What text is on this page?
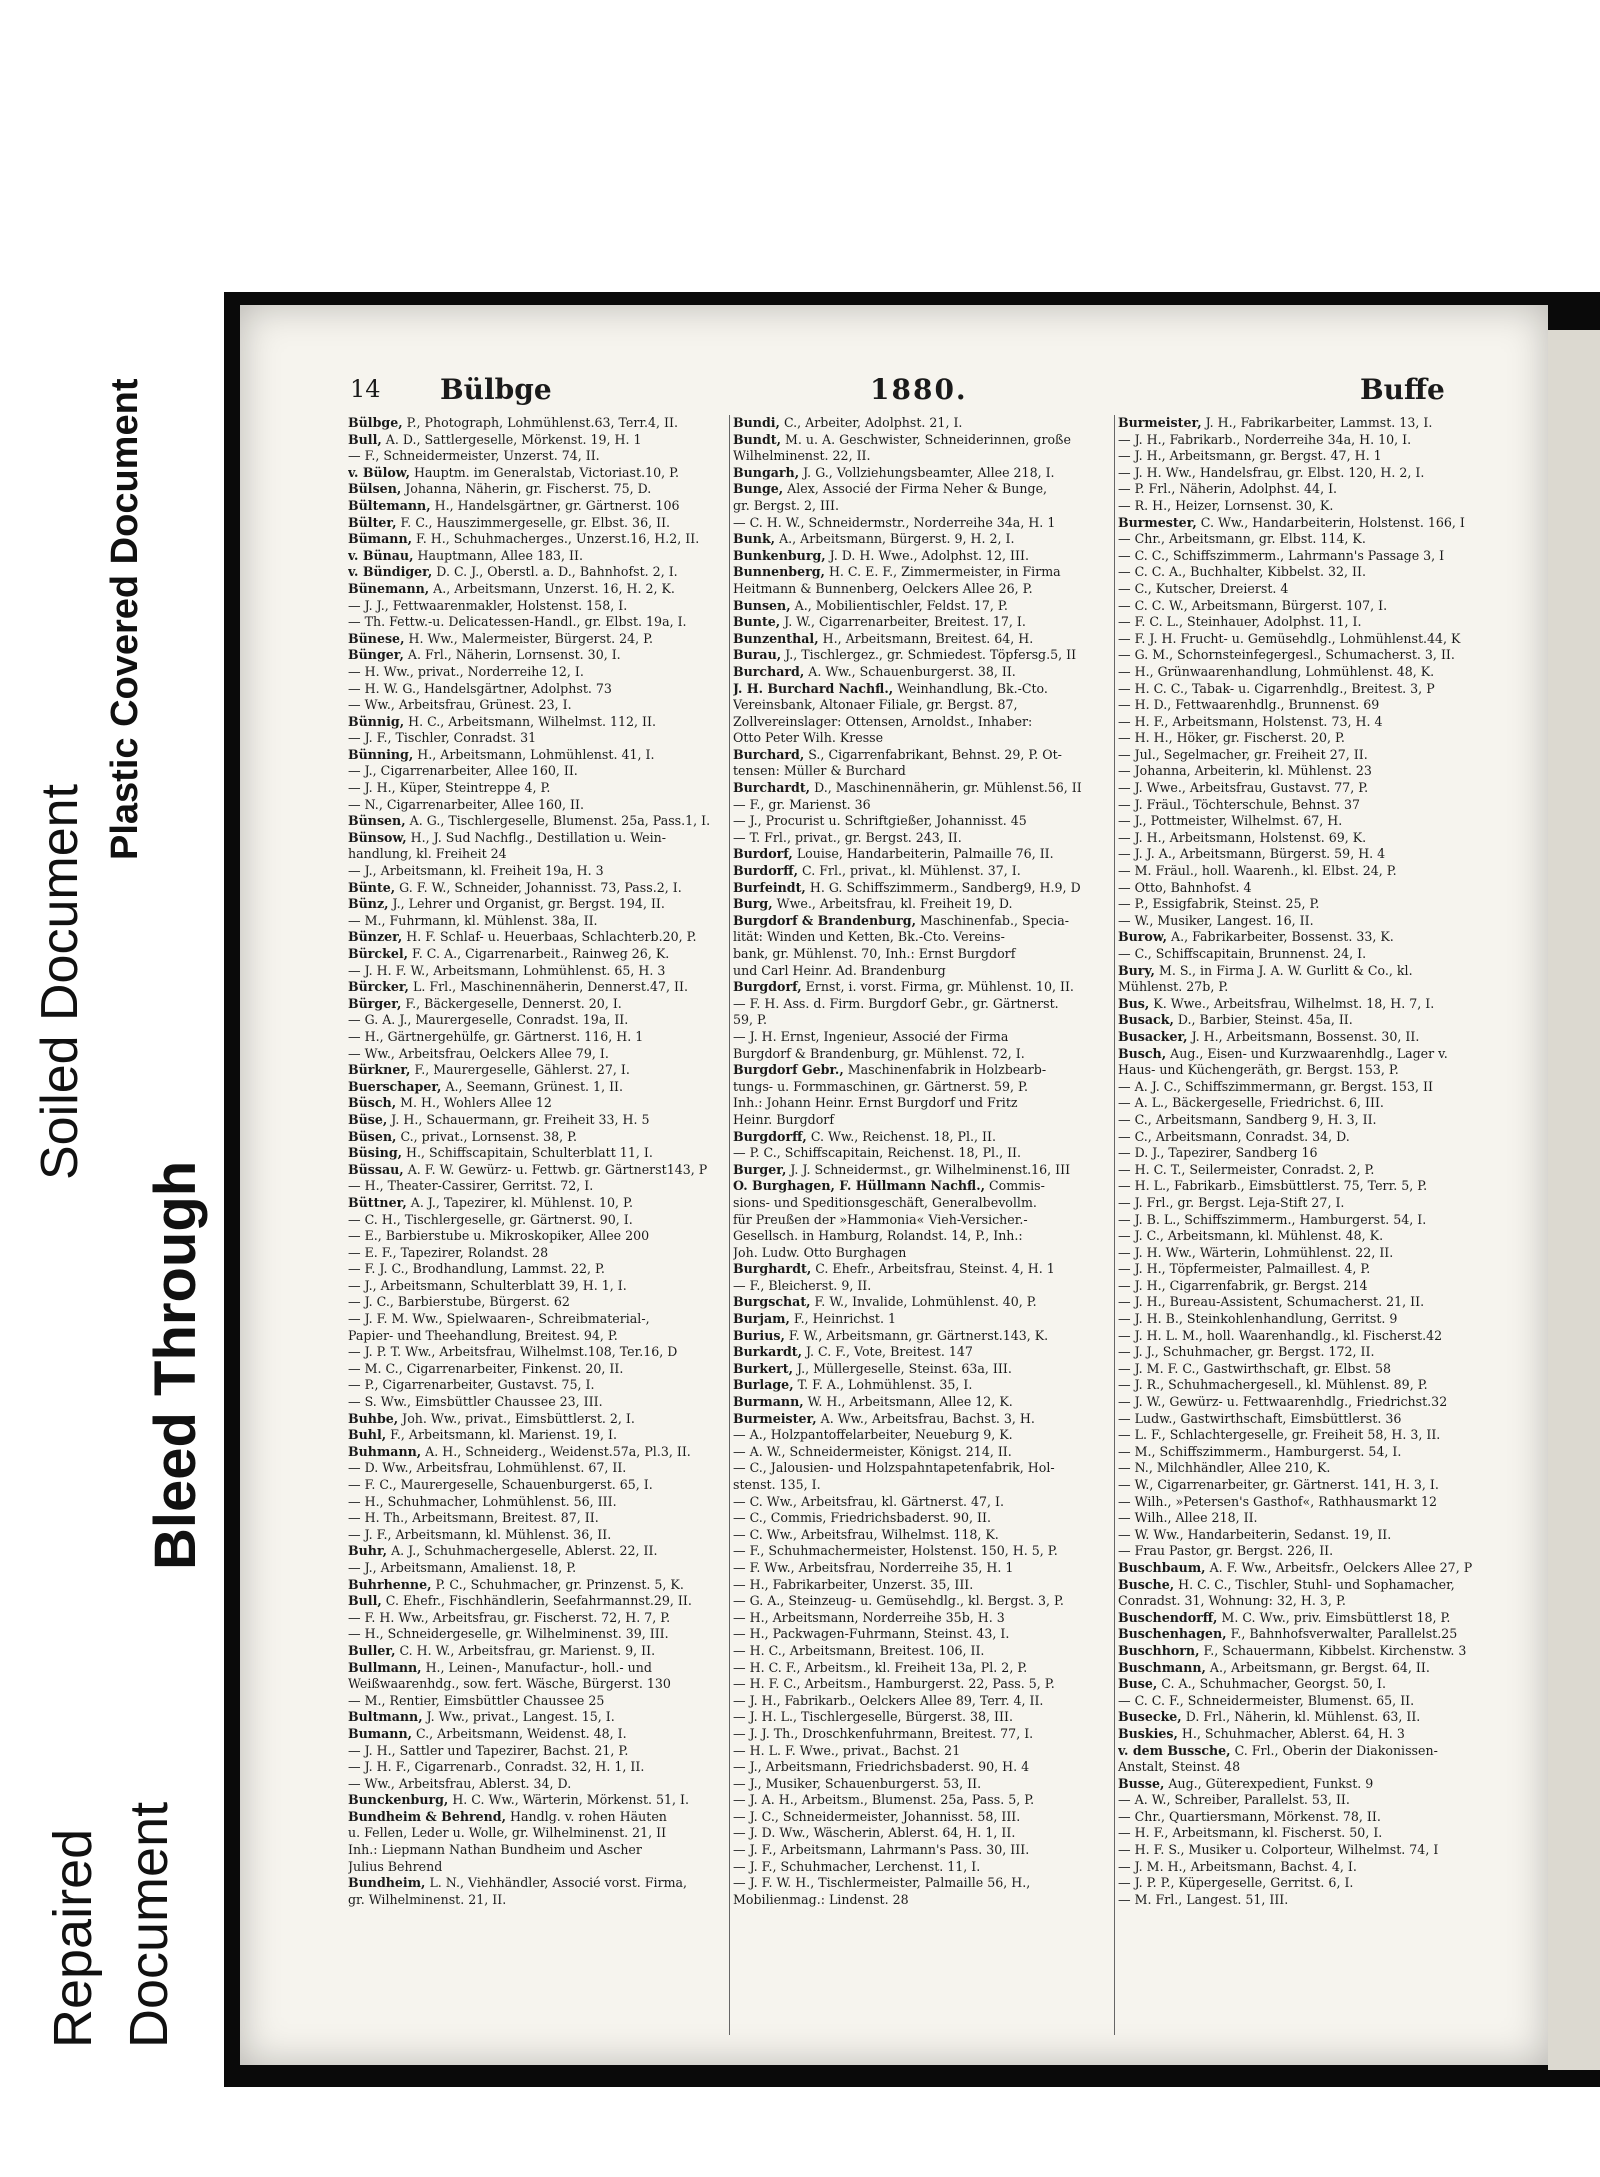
Soiled Document
Plastic Covered Document
Bleed Through
Repaired Document
14 Bülbge	1880.	Buffe
Bülbge, P., Photograph, Lohmühlenst.63, Terr.4, II.
Bull, A. D., Sattlergeselle, Mörkenst. 19, H. 1
— F., Schneidermeister, Unzerst. 74, II.
v. Bülow, Hauptm. im Generalstab, Victoriast.10, P.
Bülsen, Johanna, Näherin, gr. Fischerst. 75, D.
Bültemann, H., Handelsgärtner, gr. Gärtnerst. 106
Bülter, F. C., Hauszimmergeselle, gr. Elbst. 36, II.
Bümann, F. H., Schuhmacherges., Unzerst.16, H.2, II.
v. Bünau, Hauptmann, Allee 183, II.
v. Bündiger, D. C. J., Oberstl. a. D., Bahnhofst. 2, I.
Bünemann, A., Arbeitsmann, Unzerst. 16, H. 2, K.
— J. J., Fettwaarenmakler, Holstenst. 158, I.
— Th. Fettw.-u. Delicatessen-Handl., gr. Elbst. 19a, I.
Bünese, H. Ww., Malermeister, Bürgerst. 24, P.
Bünger, A. Frl., Näherin, Lornsenst. 30, I.
— H. Ww., privat., Norderreihe 12, I.
— H. W. G., Handelsgärtner, Adolphst. 73
— Ww., Arbeitsfrau, Grünest. 23, I.
Bünnig, H. C., Arbeitsmann, Wilhelmst. 112, II.
— J. F., Tischler, Conradst. 31
Bünning, H., Arbeitsmann, Lohmühlenst. 41, I.
— J., Cigarrenarbeiter, Allee 160, II.
— J. H., Küper, Steintreppe 4, P.
— N., Cigarrenarbeiter, Allee 160, II.
Bünsen, A. G., Tischlergeselle, Blumenst. 25a, Pass.1, I.
Bünsow, H., J. Sud Nachflg., Destillation u. Wein-
handlung, kl. Freiheit 24
— J., Arbeitsmann, kl. Freiheit 19a, H. 3
Bünte, G. F. W., Schneider, Johannisst. 73, Pass.2, I.
Bünz, J., Lehrer und Organist, gr. Bergst. 194, II.
— M., Fuhrmann, kl. Mühlenst. 38a, II.
Bünzer, H. F. Schlaf- u. Heuerbaas, Schlachterb.20, P.
Bürckel, F. C. A., Cigarrenarbeit., Rainweg 26, K.
— J. H. F. W., Arbeitsmann, Lohmühlenst. 65, H. 3
Bürcker, L. Frl., Maschinennäherin, Dennerst.47, II.
Bürger, F., Bäckergeselle, Dennerst. 20, I.
— G. A. J., Maurergeselle, Conradst. 19a, II.
— H., Gärtnergehülfe, gr. Gärtnerst. 116, H. 1
— Ww., Arbeitsfrau, Oelckers Allee 79, I.
Bürkner, F., Maurergeselle, Gählerst. 27, I.
Buerschaper, A., Seemann, Grünest. 1, II.
Büsch, M. H., Wohlers Allee 12
Büse, J. H., Schauermann, gr. Freiheit 33, H. 5
Büsen, C., privat., Lornsenst. 38, P.
Büsing, H., Schiffscapitain, Schulterblatt 11, I.
Büssau, A. F. W. Gewürz- u. Fettwb. gr. Gärtnerst143, P
— H., Theater-Cassirer, Gerritst. 72, I.
Büttner, A. J., Tapezirer, kl. Mühlenst. 10, P.
— C. H., Tischlergeselle, gr. Gärtnerst. 90, I.
— E., Barbierstube u. Mikroskopiker, Allee 200
— E. F., Tapezirer, Rolandst. 28
— F. J. C., Brodhandlung, Lammst. 22, P.
— J., Arbeitsmann, Schulterblatt 39, H. 1, I.
— J. C., Barbierstube, Bürgerst. 62
— J. F. M. Ww., Spielwaaren-, Schreibmaterial-,
Papier- und Theehandlung, Breitest. 94, P.
— J. P. T. Ww., Arbeitsfrau, Wilhelmst.108, Ter.16, D
— M. C., Cigarrenarbeiter, Finkenst. 20, II.
— P., Cigarrenarbeiter, Gustavst. 75, I.
— S. Ww., Eimsbüttler Chaussee 23, III.
Buhbe, Joh. Ww., privat., Eimsbüttlerst. 2, I.
Buhl, F., Arbeitsmann, kl. Marienst. 19, I.
Buhmann, A. H., Schneiderg., Weidenst.57a, Pl.3, II.
— D. Ww., Arbeitsfrau, Lohmühlenst. 67, II.
— F. C., Maurergeselle, Schauenburgerst. 65, I.
— H., Schuhmacher, Lohmühlenst. 56, III.
— H. Th., Arbeitsmann, Breitest. 87, II.
— J. F., Arbeitsmann, kl. Mühlenst. 36, II.
Buhr, A. J., Schuhmachergeselle, Ablerst. 22, II.
— J., Arbeitsmann, Amalienst. 18, P.
Buhrhenne, P. C., Schuhmacher, gr. Prinzenst. 5, K.
Bull, C. Ehefr., Fischhändlerin, Seefahrmannst.29, II.
— F. H. Ww., Arbeitsfrau, gr. Fischerst. 72, H. 7, P.
— H., Schneidergeselle, gr. Wilhelminenst. 39, III.
Buller, C. H. W., Arbeitsfrau, gr. Marienst. 9, II.
Bullmann, H., Leinen-, Manufactur-, holl.- und
Weißwaarenhdg., sow. fert. Wäsche, Bürgerst. 130
— M., Rentier, Eimsbüttler Chaussee 25
Bultmann, J. Ww., privat., Langest. 15, I.
Bumann, C., Arbeitsmann, Weidenst. 48, I.
— J. H., Sattler und Tapezirer, Bachst. 21, P.
— J. H. F., Cigarrenarb., Conradst. 32, H. 1, II.
— Ww., Arbeitsfrau, Ablerst. 34, D.
Bunckenburg, H. C. Ww., Wärterin, Mörkenst. 51, I.
Bundheim & Behrend, Handlg. v. rohen Häuten
u. Fellen, Leder u. Wolle, gr. Wilhelminenst. 21, II
Inh.: Liepmann Nathan Bundheim und Ascher
Julius Behrend
Bundheim, L. N., Viehhändler, Associé vorst. Firma,
gr. Wilhelminenst. 21, II.
Bundi, C., Arbeiter, Adolphst. 21, I.
Bundt, M. u. A. Geschwister, Schneiderinnen, große
Wilhelminenst. 22, II.
Bungarh, J. G., Vollziehungsbeamter, Allee 218, I.
Bunge, Alex, Associé der Firma Neher & Bunge,
gr. Bergst. 2, III.
— C. H. W., Schneidermstr., Norderreihe 34a, H. 1
Bunk, A., Arbeitsmann, Bürgerst. 9, H. 2, I.
Bunkenburg, J. D. H. Wwe., Adolphst. 12, III.
Bunnenberg, H. C. E. F., Zimmermeister, in Firma
Heitmann & Bunnenberg, Oelckers Allee 26, P.
Bunsen, A., Mobilientischler, Feldst. 17, P.
Bunte, J. W., Cigarrenarbeiter, Breitest. 17, I.
Bunzenthal, H., Arbeitsmann, Breitest. 64, H.
Burau, J., Tischlergez., gr. Schmiedest. Töpfersg.5, II
Burchard, A. Ww., Schauenburgerst. 38, II.
J. H. Burchard Nachfl., Weinhandlung, Bk.-Cto.
Vereinsbank, Altonaer Filiale, gr. Bergst. 87,
Zollvereinslager: Ottensen, Arnoldst., Inhaber:
Otto Peter Wilh. Kresse
Burchard, S., Cigarrenfabrikant, Behnst. 29, P. Ot-
tensen: Müller & Burchard
Burchardt, D., Maschinennäherin, gr. Mühlenst.56, II
— F., gr. Marienst. 36
— J., Procurist u. Schriftgießer, Johannisst. 45
— T. Frl., privat., gr. Bergst. 243, II.
Burdorf, Louise, Handarbeiterin, Palmaille 76, II.
Burdorff, C. Frl., privat., kl. Mühlenst. 37, I.
Burfeindt, H. G. Schiffszimmerm., Sandberg9, H.9, D
Burg, Wwe., Arbeitsfrau, kl. Freiheit 19, D.
Burgdorf & Brandenburg, Maschinenfab., Specia-
lität: Winden und Ketten, Bk.-Cto. Vereins-
bank, gr. Mühlenst. 70, Inh.: Ernst Burgdorf
und Carl Heinr. Ad. Brandenburg
Burgdorf, Ernst, i. vorst. Firma, gr. Mühlenst. 10, II.
— F. H. Ass. d. Firm. Burgdorf Gebr., gr. Gärtnerst.
59, P.
— J. H. Ernst, Ingenieur, Associé der Firma
Burgdorf & Brandenburg, gr. Mühlenst. 72, I.
Burgdorf Gebr., Maschinenfabrik in Holzbearb-
tungs- u. Formmaschinen, gr. Gärtnerst. 59, P.
Inh.: Johann Heinr. Ernst Burgdorf und Fritz
Heinr. Burgdorf
Burgdorff, C. Ww., Reichenst. 18, Pl., II.
— P. C., Schiffscapitain, Reichenst. 18, Pl., II.
Burger, J. J. Schneidermst., gr. Wilhelminenst.16, III
O. Burghagen, F. Hüllmann Nachfl., Commis-
sions- und Speditionsgeschäft, Generalbevollm.
für Preußen der »Hammonia« Vieh-Versicher.-
Gesellsch. in Hamburg, Rolandst. 14, P., Inh.:
Joh. Ludw. Otto Burghagen
Burghardt, C. Ehefr., Arbeitsfrau, Steinst. 4, H. 1
— F., Bleicherst. 9, II.
Burgschat, F. W., Invalide, Lohmühlenst. 40, P.
Burjam, F., Heinrichst. 1
Burius, F. W., Arbeitsmann, gr. Gärtnerst.143, K.
Burkardt, J. C. F., Vote, Breitest. 147
Burkert, J., Müllergeselle, Steinst. 63a, III.
Burlage, T. F. A., Lohmühlenst. 35, I.
Burmann, W. H., Arbeitsmann, Allee 12, K.
Burmeister, A. Ww., Arbeitsfrau, Bachst. 3, H.
— A., Holzpantoffelarbeiter, Neueburg 9, K.
— A. W., Schneidermeister, Königst. 214, II.
— C., Jalousien- und Holzspahntapetenfabrik, Hol-
stenst. 135, I.
— C. Ww., Arbeitsfrau, kl. Gärtnerst. 47, I.
— C., Commis, Friedrichsbaderst. 90, II.
— C. Ww., Arbeitsfrau, Wilhelmst. 118, K.
— F., Schuhmachermeister, Holstenst. 150, H. 5, P.
— F. Ww., Arbeitsfrau, Norderreihe 35, H. 1
— H., Fabrikarbeiter, Unzerst. 35, III.
— G. A., Steinzeug- u. Gemüsehdlg., kl. Bergst. 3, P.
— H., Arbeitsmann, Norderreihe 35b, H. 3
— H., Packwagen-Fuhrmann, Steinst. 43, I.
— H. C., Arbeitsmann, Breitest. 106, II.
— H. C. F., Arbeitsm., kl. Freiheit 13a, Pl. 2, P.
— H. F. C., Arbeitsm., Hamburgerst. 22, Pass. 5, P.
— J. H., Fabrikarb., Oelckers Allee 89, Terr. 4, II.
— J. H. L., Tischlergeselle, Bürgerst. 38, III.
— J. J. Th., Droschkenfuhrmann, Breitest. 77, I.
— H. L. F. Wwe., privat., Bachst. 21
— J., Arbeitsmann, Friedrichsbaderst. 90, H. 4
— J., Musiker, Schauenburgerst. 53, II.
— J. A. H., Arbeitsm., Blumenst. 25a, Pass. 5, P.
— J. C., Schneidermeister, Johannisst. 58, III.
— J. D. Ww., Wäscherin, Ablerst. 64, H. 1, II.
— J. F., Arbeitsmann, Lahrmann's Pass. 30, III.
— J. F., Schuhmacher, Lerchenst. 11, I.
— J. F. W. H., Tischlermeister, Palmaille 56, H.,
Mobilienmag.: Lindenst. 28
Burmeister, J. H., Fabrikarbeiter, Lammst. 13, I.
— J. H., Fabrikarb., Norderreihe 34a, H. 10, I.
— J. H., Arbeitsmann, gr. Bergst. 47, H. 1
— J. H. Ww., Handelsfrau, gr. Elbst. 120, H. 2, I.
— P. Frl., Näherin, Adolphst. 44, I.
— R. H., Heizer, Lornsenst. 30, K.
Burmester, C. Ww., Handarbeiterin, Holstenst. 166, I
— Chr., Arbeitsmann, gr. Elbst. 114, K.
— C. C., Schiffszimmerm., Lahrmann's Passage 3, I
— C. C. A., Buchhalter, Kibbelst. 32, II.
— C., Kutscher, Dreierst. 4
— C. C. W., Arbeitsmann, Bürgerst. 107, I.
— F. C. L., Steinhauer, Adolphst. 11, I.
— F. J. H. Frucht- u. Gemüsehdlg., Lohmühlenst.44, K
— G. M., Schornsteinfegergesl., Schumacherst. 3, II.
— H., Grünwaarenhandlung, Lohmühlenst. 48, K.
— H. C. C., Tabak- u. Cigarrenhdlg., Breitest. 3, P
— H. D., Fettwaarenhdlg., Brunnenst. 69
— H. F., Arbeitsmann, Holstenst. 73, H. 4
— H. H., Höker, gr. Fischerst. 20, P.
— Jul., Segelmacher, gr. Freiheit 27, II.
— Johanna, Arbeiterin, kl. Mühlenst. 23
— J. Wwe., Arbeitsfrau, Gustavst. 77, P.
— J. Fräul., Töchterschule, Behnst. 37
— J., Pottmeister, Wilhelmst. 67, H.
— J. H., Arbeitsmann, Holstenst. 69, K.
— J. J. A., Arbeitsmann, Bürgerst. 59, H. 4
— M. Fräul., holl. Waarenh., kl. Elbst. 24, P.
— Otto, Bahnhofst. 4
— P., Essigfabrik, Steinst. 25, P.
— W., Musiker, Langest. 16, II.
Burow, A., Fabrikarbeiter, Bossenst. 33, K.
— C., Schiffscapitain, Brunnenst. 24, I.
Bury, M. S., in Firma J. A. W. Gurlitt & Co., kl.
Mühlenst. 27b, P.
Bus, K. Wwe., Arbeitsfrau, Wilhelmst. 18, H. 7, I.
Busack, D., Barbier, Steinst. 45a, II.
Busacker, J. H., Arbeitsmann, Bossenst. 30, II.
Busch, Aug., Eisen- und Kurzwaarenhdlg., Lager v.
Haus- und Küchengeräth, gr. Bergst. 153, P.
— A. J. C., Schiffszimmermann, gr. Bergst. 153, II
— A. L., Bäckergeselle, Friedrichst. 6, III.
— C., Arbeitsmann, Sandberg 9, H. 3, II.
— C., Arbeitsmann, Conradst. 34, D.
— D. J., Tapezirer, Sandberg 16
— H. C. T., Seilermeister, Conradst. 2, P.
— H. L., Fabrikarb., Eimsbüttlerst. 75, Terr. 5, P.
— J. Frl., gr. Bergst. Leja-Stift 27, I.
— J. B. L., Schiffszimmerm., Hamburgerst. 54, I.
— J. C., Arbeitsmann, kl. Mühlenst. 48, K.
— J. H. Ww., Wärterin, Lohmühlenst. 22, II.
— J. H., Töpfermeister, Palmaillest. 4, P.
— J. H., Cigarrenfabrik, gr. Bergst. 214
— J. H., Bureau-Assistent, Schumacherst. 21, II.
— J. H. B., Steinkohlenhandlung, Gerritst. 9
— J. H. L. M., holl. Waarenhandlg., kl. Fischerst.42
— J. J., Schuhmacher, gr. Bergst. 172, II.
— J. M. F. C., Gastwirthschaft, gr. Elbst. 58
— J. R., Schuhmachergesell., kl. Mühlenst. 89, P.
— J. W., Gewürz- u. Fettwaarenhdlg., Friedrichst.32
— Ludw., Gastwirthschaft, Eimsbüttlerst. 36
— L. F., Schlachtergeselle, gr. Freiheit 58, H. 3, II.
— M., Schiffszimmerm., Hamburgerst. 54, I.
— N., Milchhändler, Allee 210, K.
— W., Cigarrenarbeiter, gr. Gärtnerst. 141, H. 3, I.
— Wilh., »Petersen's Gasthof«, Rathhausmarkt 12
— Wilh., Allee 218, II.
— W. Ww., Handarbeiterin, Sedanst. 19, II.
— Frau Pastor, gr. Bergst. 226, II.
Buschbaum, A. F. Ww., Arbeitsfr., Oelckers Allee 27, P
Busche, H. C. C., Tischler, Stuhl- und Sophamacher,
Conradst. 31, Wohnung: 32, H. 3, P.
Buschendorff, M. C. Ww., priv. Eimsbüttlerst 18, P.
Buschenhagen, F., Bahnhofsverwalter, Parallelst.25
Buschhorn, F., Schauermann, Kibbelst. Kirchenstw. 3
Buschmann, A., Arbeitsmann, gr. Bergst. 64, II.
Buse, C. A., Schuhmacher, Georgst. 50, I.
— C. C. F., Schneidermeister, Blumenst. 65, II.
Busecke, D. Frl., Näherin, kl. Mühlenst. 63, II.
Buskies, H., Schuhmacher, Ablerst. 64, H. 3
v. dem Bussche, C. Frl., Oberin der Diakonissen-
Anstalt, Steinst. 48
Busse, Aug., Güterexpedient, Funkst. 9
— A. W., Schreiber, Parallelst. 53, II.
— Chr., Quartiersmann, Mörkenst. 78, II.
— H. F., Arbeitsmann, kl. Fischerst. 50, I.
— H. F. S., Musiker u. Colporteur, Wilhelmst. 74, I
— J. M. H., Arbeitsmann, Bachst. 4, I.
— J. P. P., Küpergeselle, Gerritst. 6, I.
— M. Frl., Langest. 51, III.
